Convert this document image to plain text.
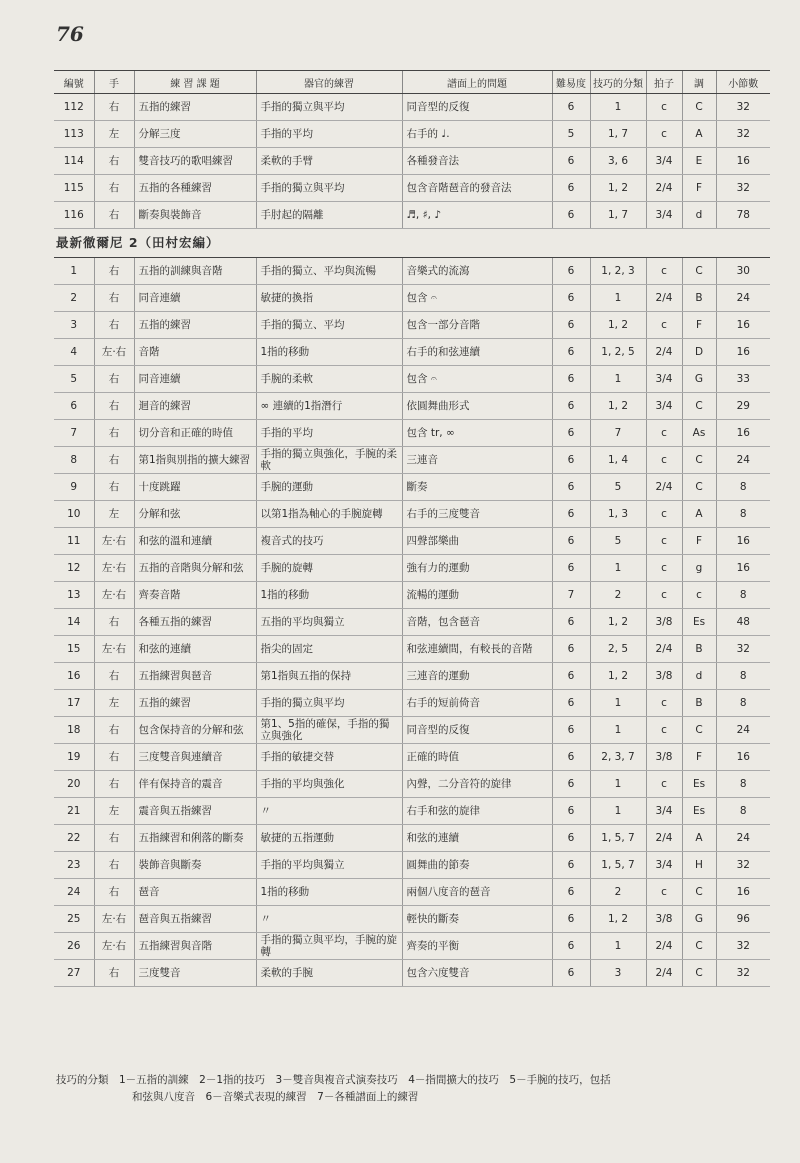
76
編號	手	練 習 課 題	器官的練習	譜面上的問題	難易度	技巧的分類	拍子	調	小節數
112	右	五指的練習	手指的獨立與平均	同音型的反復	6	1	c	C	32
113	左	分解三度	手指的平均	右手的 ♩.	5	1, 7	c	A	32
114	右	雙音技巧的歌唱練習	柔軟的手臂	各種發音法	6	3, 6	3/4	E	16
115	右	五指的各種練習	手指的獨立與平均	包含音階琶音的發音法	6	1, 2	2/4	F	32
116	右	斷奏與裝飾音	手肘起的隔離	♬, ♯, ♪	6	1, 7	3/4	d	78
最新徹爾尼 2（田村宏編）									
1	右	五指的訓練與音階	手指的獨立、平均與流暢	音樂式的流瀉	6	1, 2, 3	c	C	30
2	右	同音連續	敏捷的換指	包含 𝄐	6	1	2/4	B	24
3	右	五指的練習	手指的獨立、平均	包含一部分音階	6	1, 2	c	F	16
4	左·右	音階	1指的移動	右手的和弦連續	6	1, 2, 5	2/4	D	16
5	右	同音連續	手腕的柔軟	包含 𝄐	6	1	3/4	G	33
6	右	迴音的練習	∞ 連續的1指潛行	依圓舞曲形式	6	1, 2	3/4	C	29
7	右	切分音和正確的時值	手指的平均	包含 tr, ∞	6	7	c	As	16
8	右	第1指與別指的擴大練習	手指的獨立與強化，手腕的柔軟	三連音	6	1, 4	c	C	24
9	右	十度跳躍	手腕的運動	斷奏	6	5	2/4	C	8
10	左	分解和弦	以第1指為軸心的手腕旋轉	右手的三度雙音	6	1, 3	c	A	8
11	左·右	和弦的溫和連續	複音式的技巧	四聲部樂曲	6	5	c	F	16
12	左·右	五指的音階與分解和弦	手腕的旋轉	強有力的運動	6	1	c	g	16
13	左·右	齊奏音階	1指的移動	流暢的運動	7	2	c	c	8
14	右	各種五指的練習	五指的平均與獨立	音階，包含琶音	6	1, 2	3/8	Es	48
15	左·右	和弦的連續	指尖的固定	和弦連續間，有較長的音階	6	2, 5	2/4	B	32
16	右	五指練習與琶音	第1指與五指的保持	三連音的運動	6	1, 2	3/8	d	8
17	左	五指的練習	手指的獨立與平均	右手的短前倚音	6	1	c	B	8
18	右	包含保持音的分解和弦	第1、5指的確保，手指的獨立與強化	同音型的反復	6	1	c	C	24
19	右	三度雙音與連續音	手指的敏捷交替	正確的時值	6	2, 3, 7	3/8	F	16
20	右	伴有保持音的震音	手指的平均與強化	內聲，二分音符的旋律	6	1	c	Es	8
21	左	震音與五指練習	〃	右手和弦的旋律	6	1	3/4	Es	8
22	右	五指練習和俐落的斷奏	敏捷的五指運動	和弦的連續	6	1, 5, 7	2/4	A	24
23	右	裝飾音與斷奏	手指的平均與獨立	圓舞曲的節奏	6	1, 5, 7	3/4	H	32
24	右	琶音	1指的移動	兩個八度音的琶音	6	2	c	C	16
25	左·右	琶音與五指練習	〃	輕快的斷奏	6	1, 2	3/8	G	96
26	左·右	五指練習與音階	手指的獨立與平均，手腕的旋轉	齊奏的平衡	6	1	2/4	C	32
27	右	三度雙音	柔軟的手腕	包含六度雙音	6	3	2/4	C	32
技巧的分類　1－五指的訓練　2－1指的技巧　3－雙音與複音式演奏技巧　4－指間擴大的技巧　5－手腕的技巧，包括
和弦與八度音　6－音樂式表現的練習　7－各種譜面上的練習
